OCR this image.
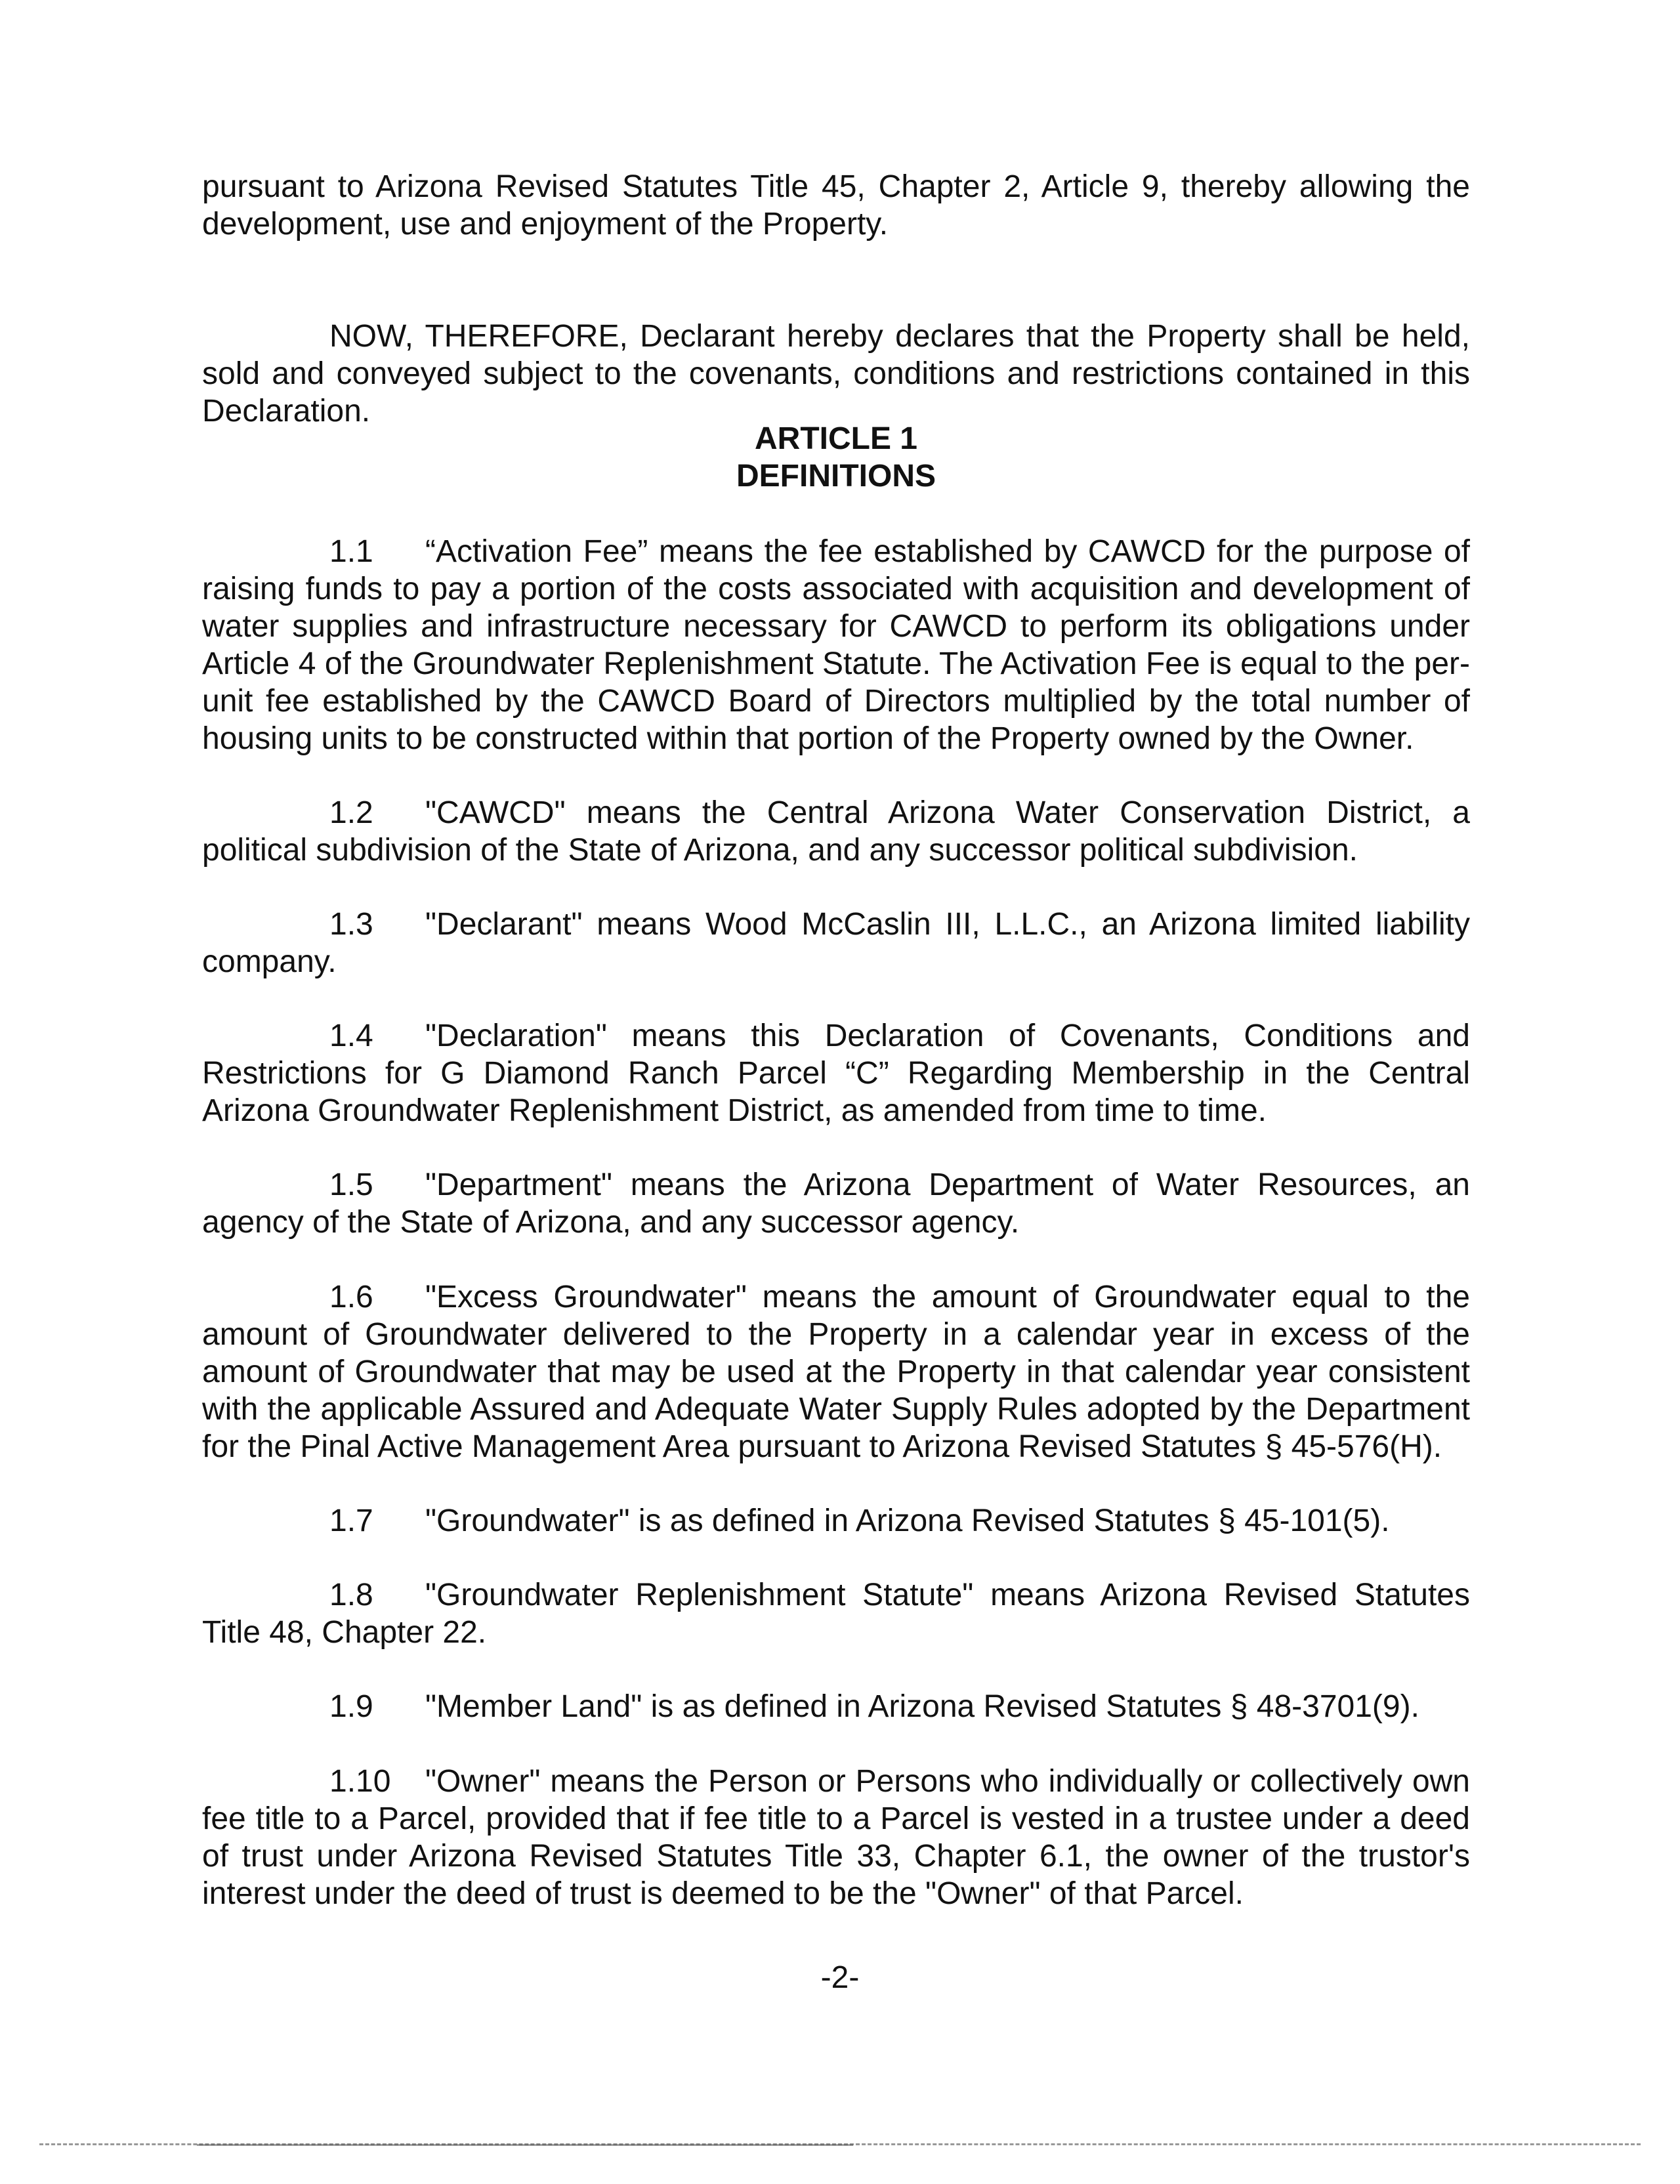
pursuant to Arizona Revised Statutes Title 45, Chapter 2, Article 9, thereby allowing the development, use and enjoyment of the Property.

NOW, THEREFORE, Declarant hereby declares that the Property shall be held, sold and conveyed subject to the covenants, conditions and restrictions contained in this Declaration.

ARTICLE 1

DEFINITIONS

1.1 “Activation Fee” means the fee established by CAWCD for the purpose of raising funds to pay a portion of the costs associated with acquisition and development of water supplies and infrastructure necessary for CAWCD to perform its obligations under Article 4 of the Groundwater Replenishment Statute. The Activation Fee is equal to the per-unit fee established by the CAWCD Board of Directors multiplied by the total number of housing units to be constructed within that portion of the Property owned by the Owner.

1.2 "CAWCD" means the Central Arizona Water Conservation District, a political subdivision of the State of Arizona, and any successor political subdivision.

1.3 "Declarant" means Wood McCaslin III, L.L.C., an Arizona limited liability company.

1.4 "Declaration" means this Declaration of Covenants, Conditions and Restrictions for G Diamond Ranch Parcel “C” Regarding Membership in the Central Arizona Groundwater Replenishment District, as amended from time to time.

1.5 "Department" means the Arizona Department of Water Resources, an agency of the State of Arizona, and any successor agency.

1.6 "Excess Groundwater" means the amount of Groundwater equal to the amount of Groundwater delivered to the Property in a calendar year in excess of the amount of Groundwater that may be used at the Property in that calendar year consistent with the applicable Assured and Adequate Water Supply Rules adopted by the Department for the Pinal Active Management Area pursuant to Arizona Revised Statutes § 45-576(H).

1.7 "Groundwater" is as defined in Arizona Revised Statutes § 45-101(5).

1.8 "Groundwater Replenishment Statute" means Arizona Revised Statutes Title 48, Chapter 22.

1.9 "Member Land" is as defined in Arizona Revised Statutes § 48-3701(9).

1.10 "Owner" means the Person or Persons who individually or collectively own fee title to a Parcel, provided that if fee title to a Parcel is vested in a trustee under a deed of trust under Arizona Revised Statutes Title 33, Chapter 6.1, the owner of the trustor's interest under the deed of trust is deemed to be the "Owner" of that Parcel.

-2-
